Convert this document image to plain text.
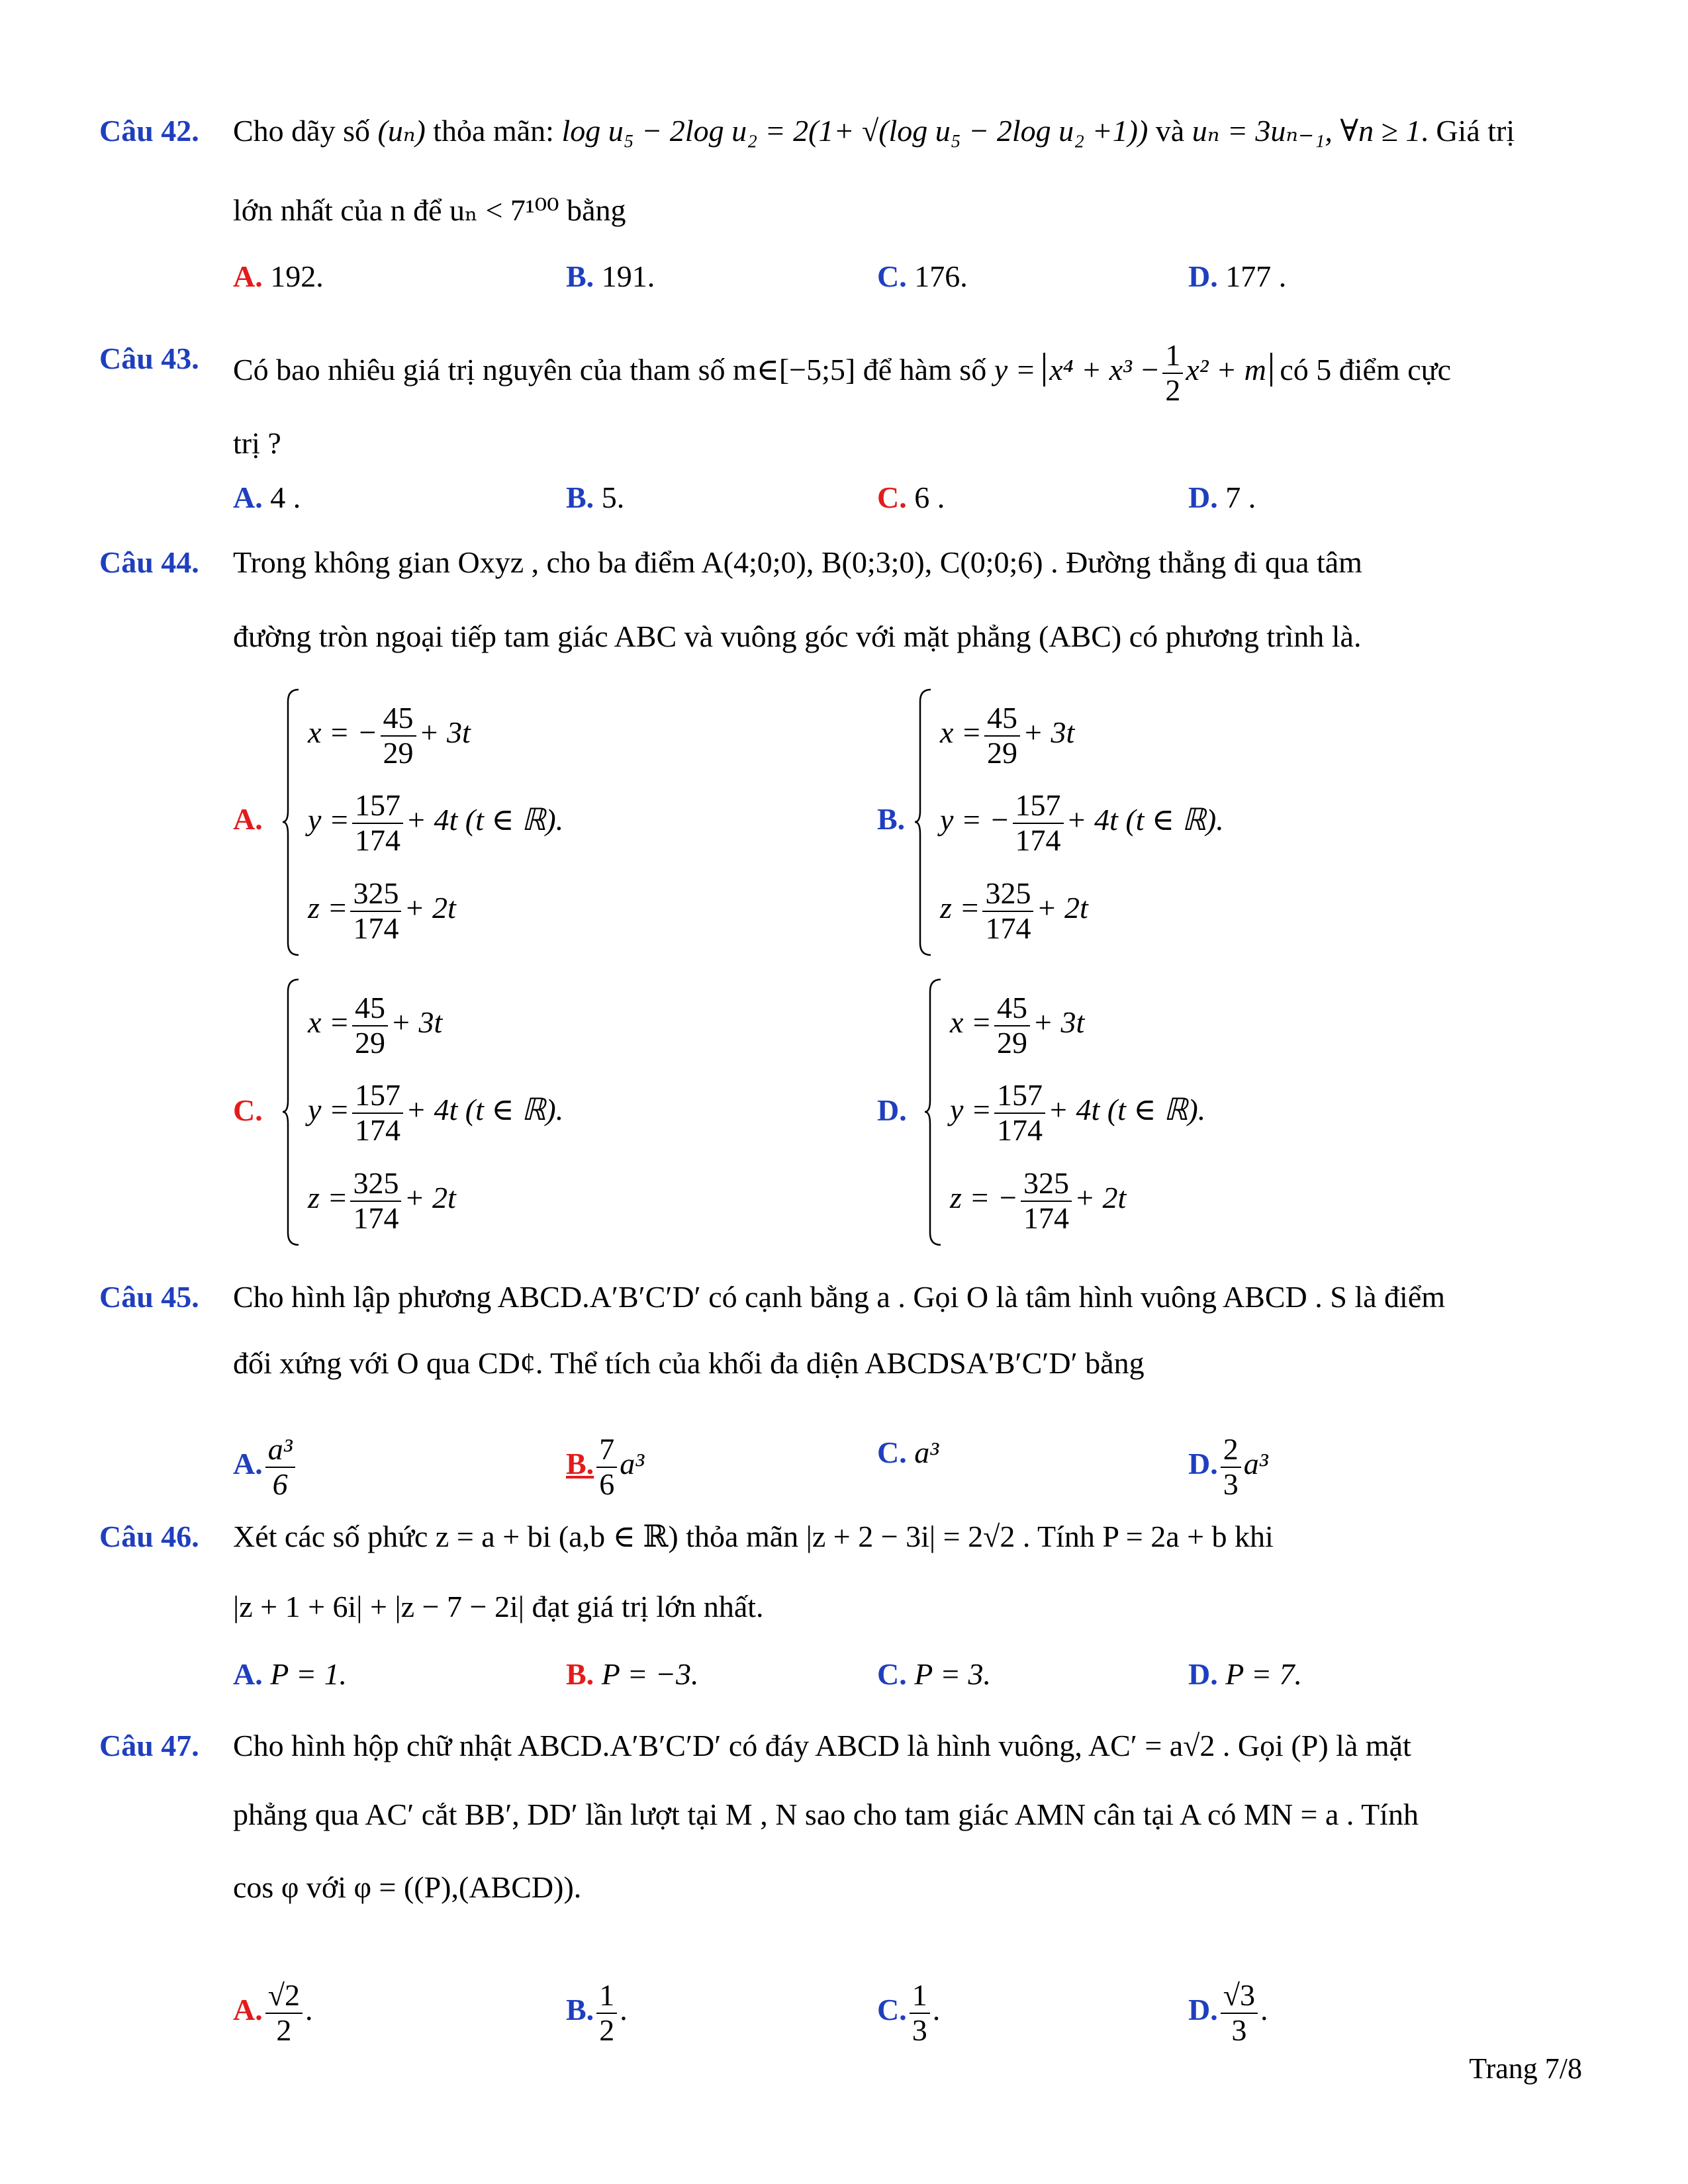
Câu 42. Cho dãy số (uₙ) thỏa mãn: log u₅ − 2log u₂ = 2(1+ √(log u₅ − 2log u₂ +1)) và uₙ = 3uₙ₋₁, ∀n ≥ 1. Giá trị
lớn nhất của n để uₙ < 7¹⁰⁰ bằng
A. 192.	B. 191.	C. 176.	D. 177 .
Câu 43. Có bao nhiêu giá trị nguyên của tham số m∈[−5;5] để hàm số $y = x^4 + x^3 - \frac{1}{2} x^2 + m$ có 5 điểm cực
trị ?
A. 4 .	B. 5.	C. 6 .	D. 7 .
Câu 44. Trong không gian Oxyz , cho ba điểm A(4;0;0), B(0;3;0), C(0;0;6) . Đường thẳng đi qua tâm
đường tròn ngoại tiếp tam giác ABC và vuông góc với mặt phẳng (ABC) có phương trình là.
A.
x = − $\frac{45}{29} + 3t$
$y = \frac{157}{174} + 4t$ (t ∈ ℝ).
$z = \frac{325}{174} + 2t$
B.
$x = \frac{45}{29} + 3t$
y = − $\frac{157}{174} + 4t$ (t ∈ ℝ).
$z = \frac{325}{174} + 2t$
C.
$x = \frac{45}{29} + 3t$
$y = \frac{157}{174} + 4t$ (t ∈ ℝ).
$z = \frac{325}{174} + 2t$
D.
$x = \frac{45}{29} + 3t$
$y = \frac{157}{174} + 4t$ (t ∈ ℝ).
z = − $\frac{325}{174} + 2t$
Câu 45. Cho hình lập phương ABCD.A′B′C′D′ có cạnh bằng a . Gọi O là tâm hình vuông ABCD . S là điểm
đối xứng với O qua CD¢. Thể tích của khối đa diện ABCDSA′B′C′D′ bằng
A. $\frac{\text{a³}}{6}$	B. $\frac{7}{6} a^3$	C. a³	D. $\frac{2}{3} a^3$
Câu 46. Xét các số phức z = a + bi (a,b ∈ ℝ) thỏa mãn |z + 2 − 3i| = 2√2 . Tính P = 2a + b khi
|z + 1 + 6i| + |z − 7 − 2i| đạt giá trị lớn nhất.
A. P = 1.	B. P = −3.	C. P = 3.	D. P = 7.
Câu 47. Cho hình hộp chữ nhật ABCD.A′B′C′D′ có đáy ABCD là hình vuông, AC′ = a√2 . Gọi (P) là mặt
phẳng qua AC′ cắt BB′, DD′ lần lượt tại M , N sao cho tam giác AMN cân tại A có MN = a . Tính
cos φ với φ = ((P),(ABCD)).
A. $\frac{√2}{2}$ .	B. $\frac{1}{2}$ .	C. $\frac{1}{3}$ .	D. $\frac{√3}{3}$ .
Trang 7/8
